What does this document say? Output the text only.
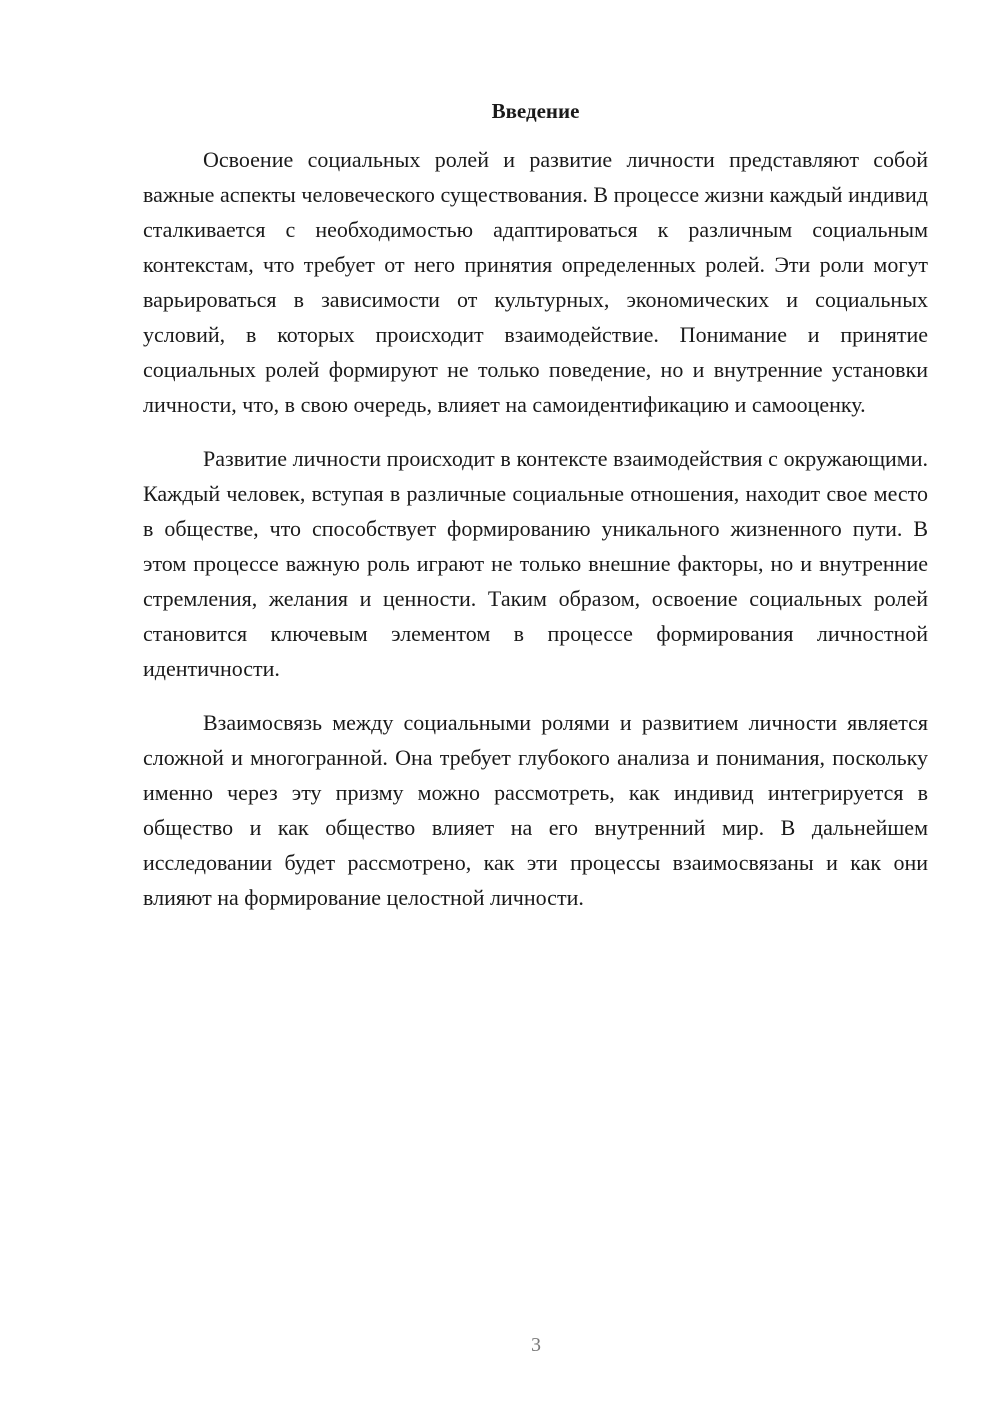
Введение

Освоение социальных ролей и развитие личности представляют собой важные аспекты человеческого существования. В процессе жизни каждый индивид сталкивается с необходимостью адаптироваться к различным социальным контекстам, что требует от него принятия определенных ролей. Эти роли могут варьироваться в зависимости от культурных, экономических и социальных условий, в которых происходит взаимодействие. Понимание и принятие социальных ролей формируют не только поведение, но и внутренние установки личности, что, в свою очередь, влияет на самоидентификацию и самооценку.

Развитие личности происходит в контексте взаимодействия с окружающими. Каждый человек, вступая в различные социальные отношения, находит свое место в обществе, что способствует формированию уникального жизненного пути. В этом процессе важную роль играют не только внешние факторы, но и внутренние стремления, желания и ценности. Таким образом, освоение социальных ролей становится ключевым элементом в процессе формирования личностной идентичности.

Взаимосвязь между социальными ролями и развитием личности является сложной и многогранной. Она требует глубокого анализа и понимания, поскольку именно через эту призму можно рассмотреть, как индивид интегрируется в общество и как общество влияет на его внутренний мир. В дальнейшем исследовании будет рассмотрено, как эти процессы взаимосвязаны и как они влияют на формирование целостной личности.

3
